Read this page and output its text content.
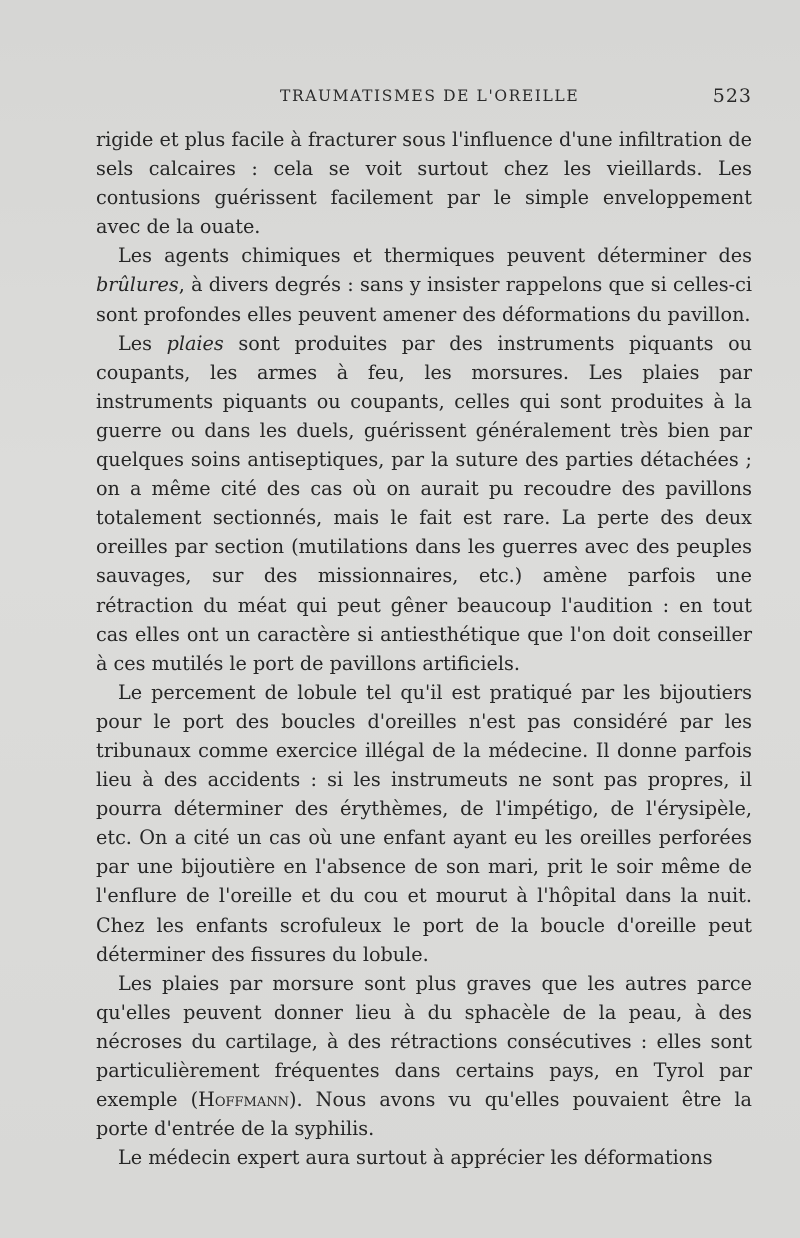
TRAUMATISMES DE L'OREILLE	523

rigide et plus facile à fracturer sous l'influence d'une infiltration de sels calcaires : cela se voit surtout chez les vieillards. Les contusions guérissent facilement par le simple enveloppement avec de la ouate.

Les agents chimiques et thermiques peuvent déterminer des brûlures, à divers degrés : sans y insister rappelons que si celles-ci sont profondes elles peuvent amener des déformations du pavillon.

Les plaies sont produites par des instruments piquants ou coupants, les armes à feu, les morsures. Les plaies par instruments piquants ou coupants, celles qui sont produites à la guerre ou dans les duels, guérissent généralement très bien par quelques soins antiseptiques, par la suture des parties détachées ; on a même cité des cas où on aurait pu recoudre des pavillons totalement sectionnés, mais le fait est rare. La perte des deux oreilles par section (mutilations dans les guerres avec des peuples sauvages, sur des missionnaires, etc.) amène parfois une rétraction du méat qui peut gêner beaucoup l'audition : en tout cas elles ont un caractère si antiesthétique que l'on doit conseiller à ces mutilés le port de pavillons artificiels.

Le percement de lobule tel qu'il est pratiqué par les bijoutiers pour le port des boucles d'oreilles n'est pas considéré par les tribunaux comme exercice illégal de la médecine. Il donne parfois lieu à des accidents : si les instrumeuts ne sont pas propres, il pourra déterminer des érythèmes, de l'impétigo, de l'érysipèle, etc. On a cité un cas où une enfant ayant eu les oreilles perforées par une bijoutière en l'absence de son mari, prit le soir même de l'enflure de l'oreille et du cou et mourut à l'hôpital dans la nuit. Chez les enfants scrofuleux le port de la boucle d'oreille peut déterminer des fissures du lobule.

Les plaies par morsure sont plus graves que les autres parce qu'elles peuvent donner lieu à du sphacèle de la peau, à des nécroses du cartilage, à des rétractions consécutives : elles sont particulièrement fréquentes dans certains pays, en Tyrol par exemple (Hoffmann). Nous avons vu qu'elles pouvaient être la porte d'entrée de la syphilis.

Le médecin expert aura surtout à apprécier les déformations
